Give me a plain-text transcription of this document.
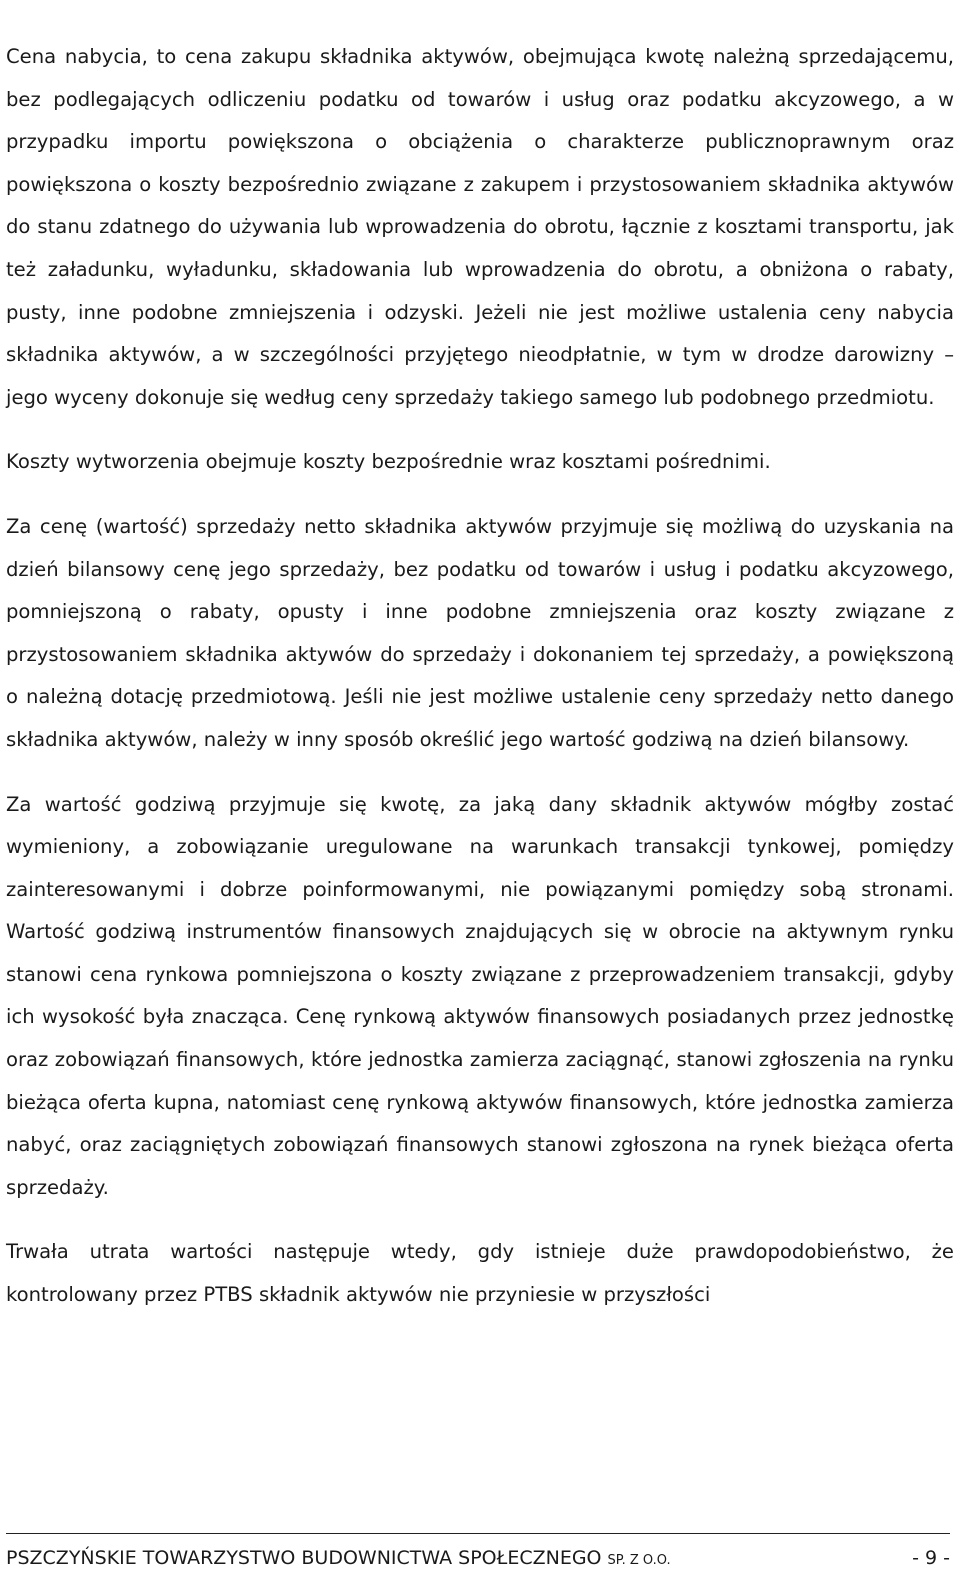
Cena nabycia, to cena zakupu składnika aktywów, obejmująca kwotę należną sprzedającemu, bez podlegających odliczeniu podatku od towarów i usług oraz podatku akcyzowego, a w przypadku importu powiększona o obciążenia o charakterze publicznoprawnym oraz powiększona o koszty bezpośrednio związane z zakupem i przystosowaniem składnika aktywów do stanu zdatnego do używania lub wprowadzenia do obrotu, łącznie z kosztami transportu, jak też załadunku, wyładunku, składowania lub wprowadzenia do obrotu, a obniżona o rabaty, pusty, inne podobne zmniejszenia i odzyski. Jeżeli nie jest możliwe ustalenia ceny nabycia składnika aktywów, a w szczególności przyjętego nieodpłatnie, w tym w drodze darowizny – jego wyceny dokonuje się według ceny sprzedaży takiego samego lub podobnego przedmiotu.

Koszty wytworzenia obejmuje koszty bezpośrednie wraz kosztami pośrednimi.

Za cenę (wartość) sprzedaży netto składnika aktywów przyjmuje się możliwą do uzyskania na dzień bilansowy cenę jego sprzedaży, bez podatku od towarów i usług i podatku akcyzowego, pomniejszoną o rabaty, opusty i inne podobne zmniejszenia oraz koszty związane z przystosowaniem składnika aktywów do sprzedaży i dokonaniem tej sprzedaży, a powiększoną o należną dotację przedmiotową. Jeśli nie jest możliwe ustalenie ceny sprzedaży netto danego składnika aktywów, należy w inny sposób określić jego wartość godziwą na dzień bilansowy.

Za wartość godziwą przyjmuje się kwotę, za jaką dany składnik aktywów mógłby zostać wymieniony, a zobowiązanie uregulowane na warunkach transakcji tynkowej, pomiędzy zainteresowanymi i dobrze poinformowanymi, nie powiązanymi pomiędzy sobą stronami. Wartość godziwą instrumentów finansowych znajdujących się w obrocie na aktywnym rynku stanowi cena rynkowa pomniejszona o koszty związane z przeprowadzeniem transakcji, gdyby ich wysokość była znacząca. Cenę rynkową aktywów finansowych posiadanych przez jednostkę oraz zobowiązań finansowych, które jednostka zamierza zaciągnąć, stanowi zgłoszenia na rynku bieżąca oferta kupna, natomiast cenę rynkową aktywów finansowych, które jednostka zamierza nabyć, oraz zaciągniętych zobowiązań finansowych stanowi zgłoszona na rynek bieżąca oferta sprzedaży.

Trwała utrata wartości następuje wtedy, gdy istnieje duże prawdopodobieństwo, że kontrolowany przez PTBS składnik aktywów nie przyniesie w przyszłości

PSZCZYŃSKIE TOWARZYSTWO BUDOWNICTWA SPOŁECZNEGO SP. Z O.O.	- 9 -
